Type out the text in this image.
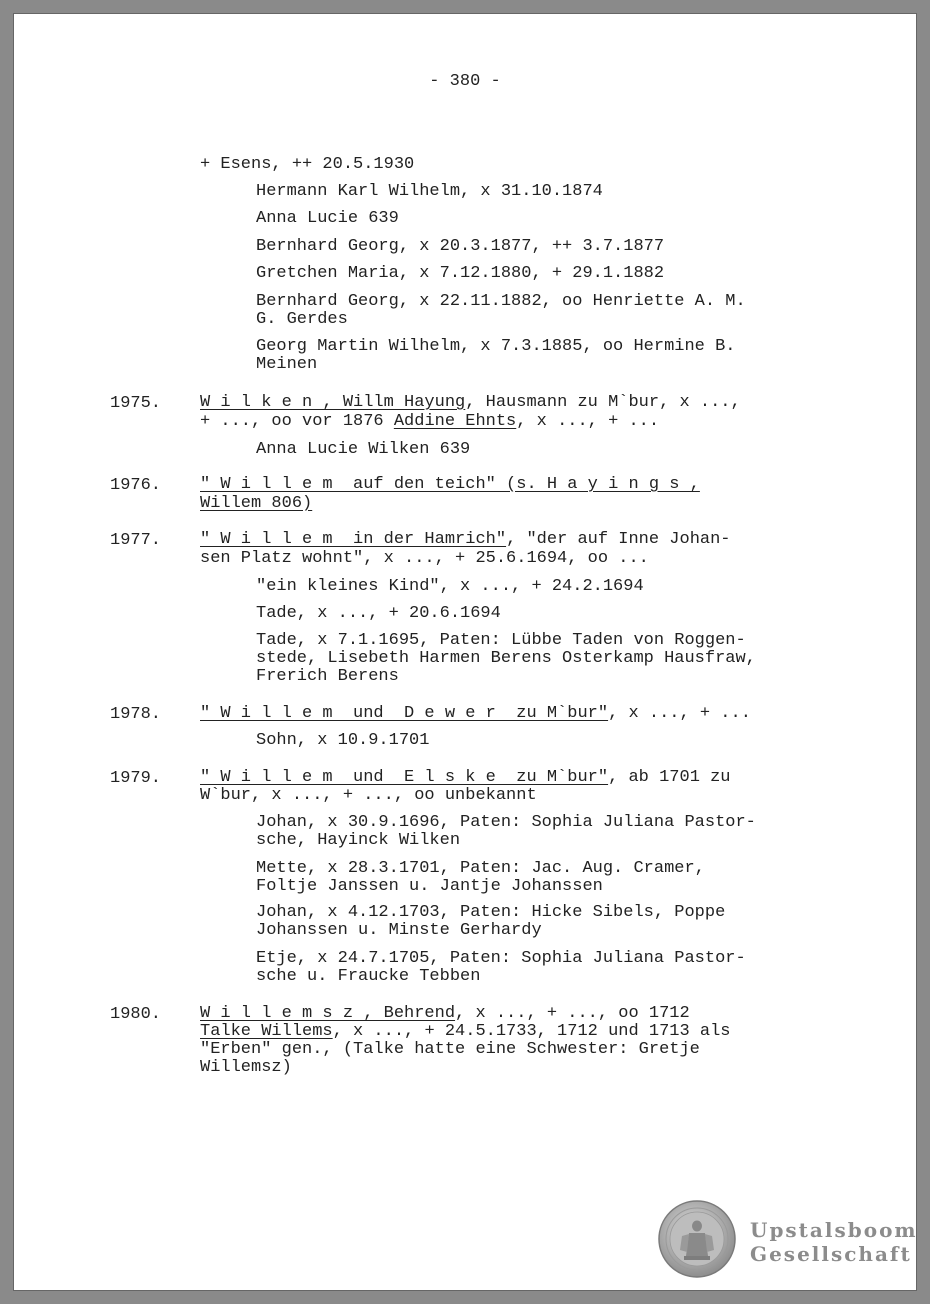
- 380 -
+ Esens, ++ 20.5.1930
Hermann Karl Wilhelm, x 31.10.1874
Anna Lucie 639
Bernhard Georg, x 20.3.1877, ++ 3.7.1877
Gretchen Maria, x 7.12.1880, + 29.1.1882
Bernhard Georg, x 22.11.1882, oo Henriette A. M.
G. Gerdes
Georg Martin Wilhelm, x 7.3.1885, oo Hermine B.
Meinen
1975. W i l k e n , Willm Hayung, Hausmann zu M`bur, x ...,
+ ..., oo vor 1876 Addine Ehnts, x ..., + ...
Anna Lucie Wilken 639
1976. " W i l l e m  auf den teich" (s. H a y i n g s ,
Willem 806)
1977. " W i l l e m  in der Hamrich", "der auf Inne Johan-
sen Platz wohnt", x ..., + 25.6.1694, oo ...
"ein kleines Kind", x ..., + 24.2.1694
Tade, x ..., + 20.6.1694
Tade, x 7.1.1695, Paten: Lübbe Taden von Roggen-
stede, Lisebeth Harmen Berens Osterkamp Hausfraw,
Frerich Berens
1978. " W i l l e m  und  D e w e r  zu M`bur", x ..., + ...
Sohn, x 10.9.1701
1979. " W i l l e m  und  E l s k e  zu M`bur", ab 1701 zu
W`bur, x ..., + ..., oo unbekannt
Johan, x 30.9.1696, Paten: Sophia Juliana Pastor-
sche, Hayinck Wilken
Mette, x 28.3.1701, Paten: Jac. Aug. Cramer,
Foltje Janssen u. Jantje Johanssen
Johan, x 4.12.1703, Paten: Hicke Sibels, Poppe
Johanssen u. Minste Gerhardy
Etje, x 24.7.1705, Paten: Sophia Juliana Pastor-
sche u. Fraucke Tebben
1980. W i l l e m s z , Behrend, x ..., + ..., oo 1712
Talke Willems, x ..., + 24.5.1733, 1712 und 1713 als
"Erben" gen., (Talke hatte eine Schwester: Gretje
Willemsz)
Upstalsboom
Gesellschaft
